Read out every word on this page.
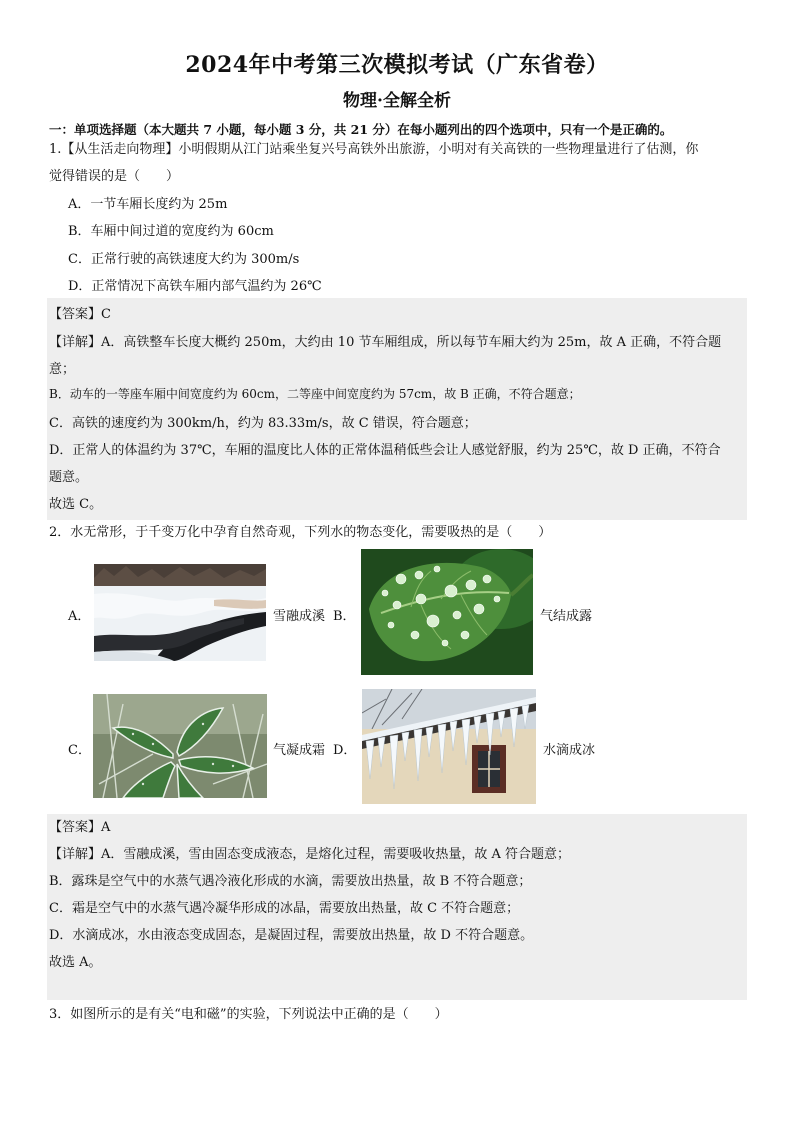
2024年中考第三次模拟考试（广东省卷）
物理·全解全析
一：单项选择题（本大题共 7 小题，每小题 3 分，共 21 分）在每小题列出的四个选项中，只有一个是正确的。
1.【从生活走向物理】小明假期从江门站乘坐复兴号高铁外出旅游，小明对有关高铁的一些物理量进行了估测，你
觉得错误的是（　　）
A．一节车厢长度约为 25m
B．车厢中间过道的宽度约为 60cm
C．正常行驶的高铁速度大约为 300m/s
D．正常情况下高铁车厢内部气温约为 26℃
【答案】C
【详解】A．高铁整车长度大概约 250m，大约由 10 节车厢组成，所以每节车厢大约为 25m，故 A 正确，不符合题
意；
B．动车的一等座车厢中间宽度约为 60cm，二等座中间宽度约为 57cm，故 B 正确，不符合题意；
C．高铁的速度约为 300km/h，约为 83.33m/s，故 C 错误，符合题意；
D．正常人的体温约为 37℃，车厢的温度比人体的正常体温稍低些会让人感觉舒服，约为 25℃，故 D 正确，不符合
题意。
故选 C。
2．水无常形，于千变万化中孕育自然奇观，下列水的物态变化，需要吸热的是（　　）
A．	雪融成溪 B．	气结成露
C．	气凝成霜 D．	水滴成冰
【答案】A
【详解】A．雪融成溪，雪由固态变成液态，是熔化过程，需要吸收热量，故 A 符合题意；
B．露珠是空气中的水蒸气遇冷液化形成的水滴，需要放出热量，故 B 不符合题意；
C．霜是空气中的水蒸气遇冷凝华形成的冰晶，需要放出热量，故 C 不符合题意；
D．水滴成冰，水由液态变成固态，是凝固过程，需要放出热量，故 D 不符合题意。
故选 A。
3．如图所示的是有关“电和磁”的实验，下列说法中正确的是（　　）
